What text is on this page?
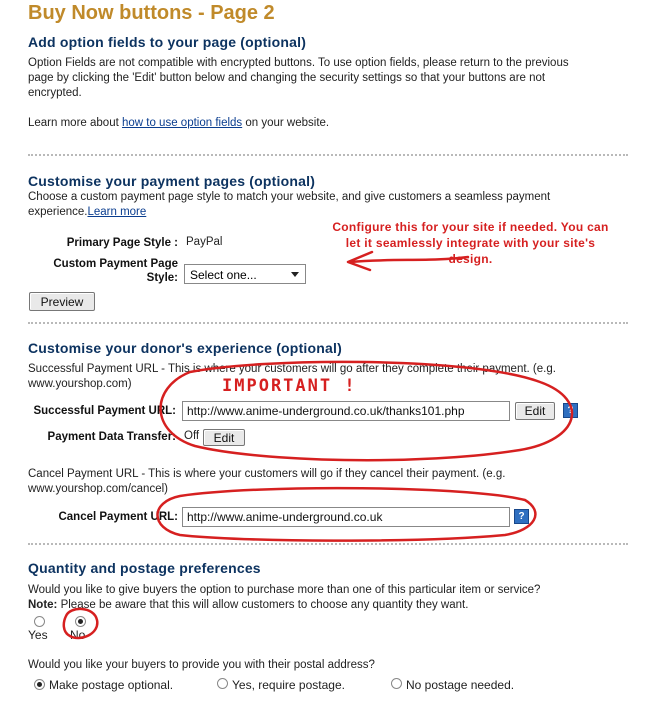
Buy Now buttons - Page 2
Add option fields to your page (optional)
Option Fields are not compatible with encrypted buttons. To use option fields, please return to the previous
page by clicking the 'Edit' button below and changing the security settings so that your buttons are not
encrypted.
Learn more about how to use option fields on your website.
Customise your payment pages (optional)
Choose a custom payment page style to match your website, and give customers a seamless payment
experience.Learn more
Primary Page Style : PayPal
Custom Payment Page
Style: Select one...
Preview
Configure this for your site if needed. You can
let it seamlessly integrate with your site's
design.
Customise your donor's experience (optional)
Successful Payment URL - This is where your customers will go after they complete their payment. (e.g.
www.yourshop.com)
Successful Payment URL:
http://www.anime-underground.co.uk/thanks101.php	Edit	?
Payment Data Transfer: Off	Edit
IMPORTANT !
Cancel Payment URL - This is where your customers will go if they cancel their payment. (e.g.
www.yourshop.com/cancel)
Cancel Payment URL:
http://www.anime-underground.co.uk	?
Quantity and postage preferences
Would you like to give buyers the option to purchase more than one of this particular item or service?
Note: Please be aware that this will allow customers to choose any quantity they want.
Yes No
Would you like your buyers to provide you with their postal address?
Make postage optional.	Yes, require postage.	No postage needed.
